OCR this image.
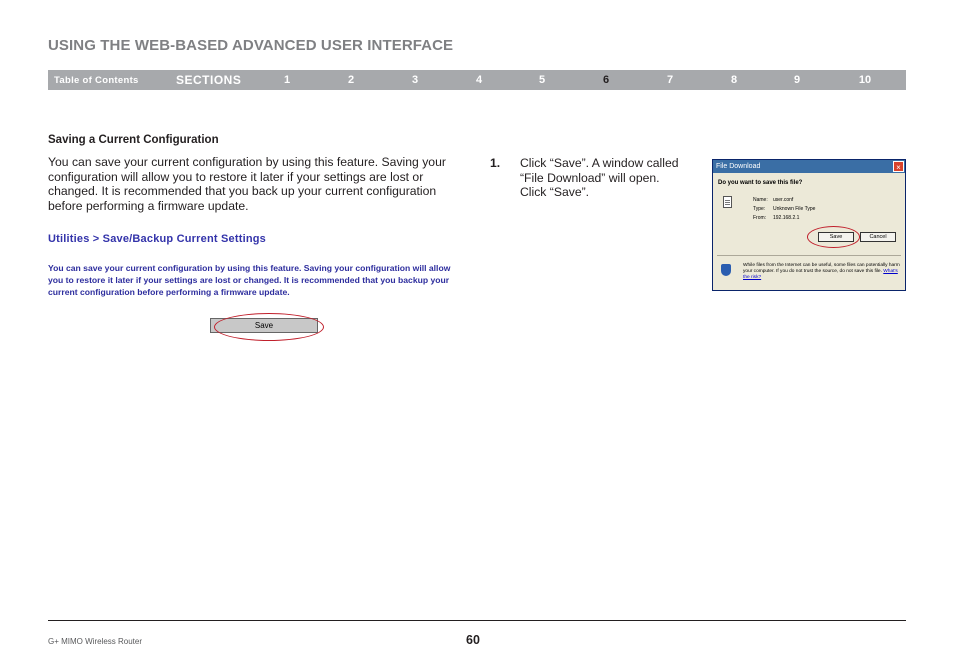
USING THE WEB-BASED ADVANCED USER INTERFACE
Table of Contents	SECTIONS	1	2	3	4	5	6	7	8	9	10
Saving a Current Configuration
You can save your current configuration by using this feature. Saving your configuration will allow you to restore it later if your settings are lost or changed. It is recommended that you back up your current configuration before performing a firmware update.
Utilities > Save/Backup Current Settings
You can save your current configuration by using this feature. Saving your configuration will allow you to restore it later if your settings are lost or changed. It is recommended that you backup your current configuration before performing a firmware update.
Save
1. Click “Save”. A window called “File Download” will open. Click “Save”.
File Download	×
Do you want to save this file?
Name: user.conf
Type: Unknown File Type
From: 192.168.2.1
Save	Cancel
While files from the Internet can be useful, some files can potentially harm your computer. If you do not trust the source, do not save this file. What's the risk?
G+ MIMO Wireless Router	60
